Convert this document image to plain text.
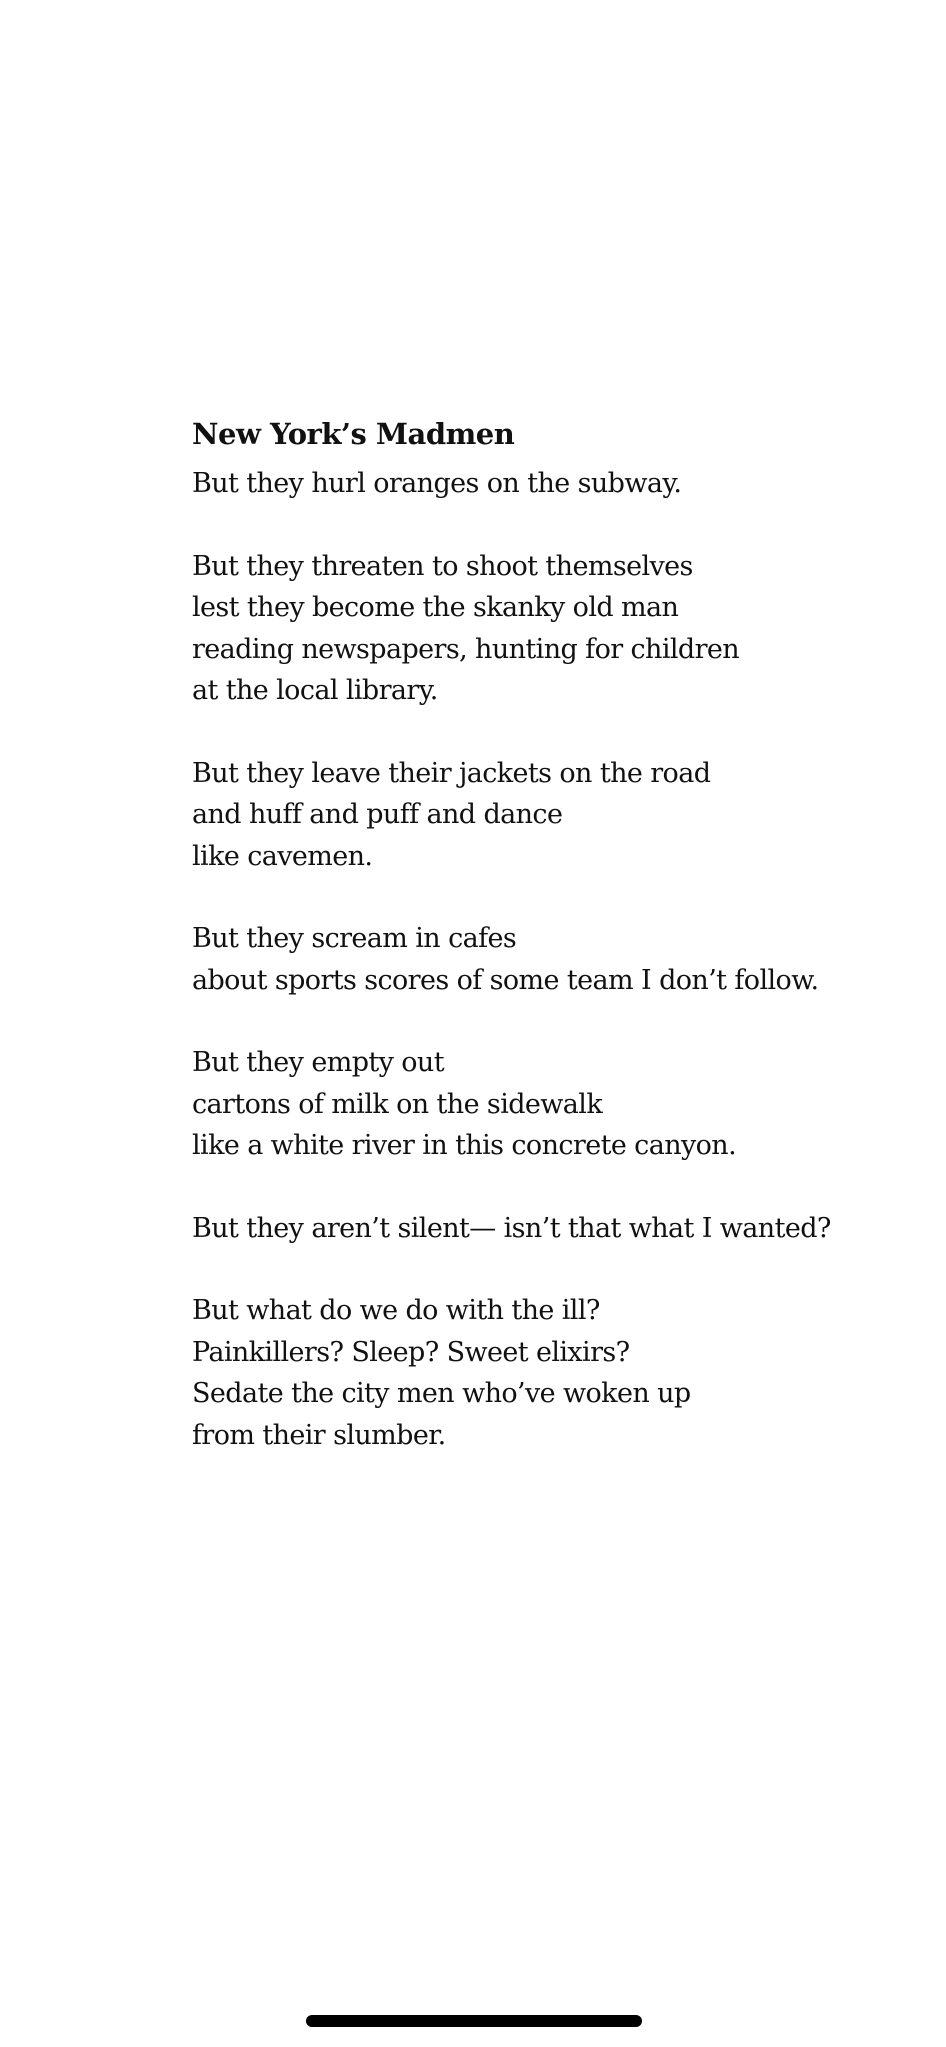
New York’s Madmen
But they hurl oranges on the subway.
But they threaten to shoot themselves
lest they become the skanky old man
reading newspapers, hunting for children
at the local library.
But they leave their jackets on the road
and huff and puff and dance
like cavemen.
But they scream in cafes
about sports scores of some team I don’t follow.
But they empty out
cartons of milk on the sidewalk
like a white river in this concrete canyon.
But they aren’t silent— isn’t that what I wanted?
But what do we do with the ill?
Painkillers? Sleep? Sweet elixirs?
Sedate the city men who’ve woken up
from their slumber.
